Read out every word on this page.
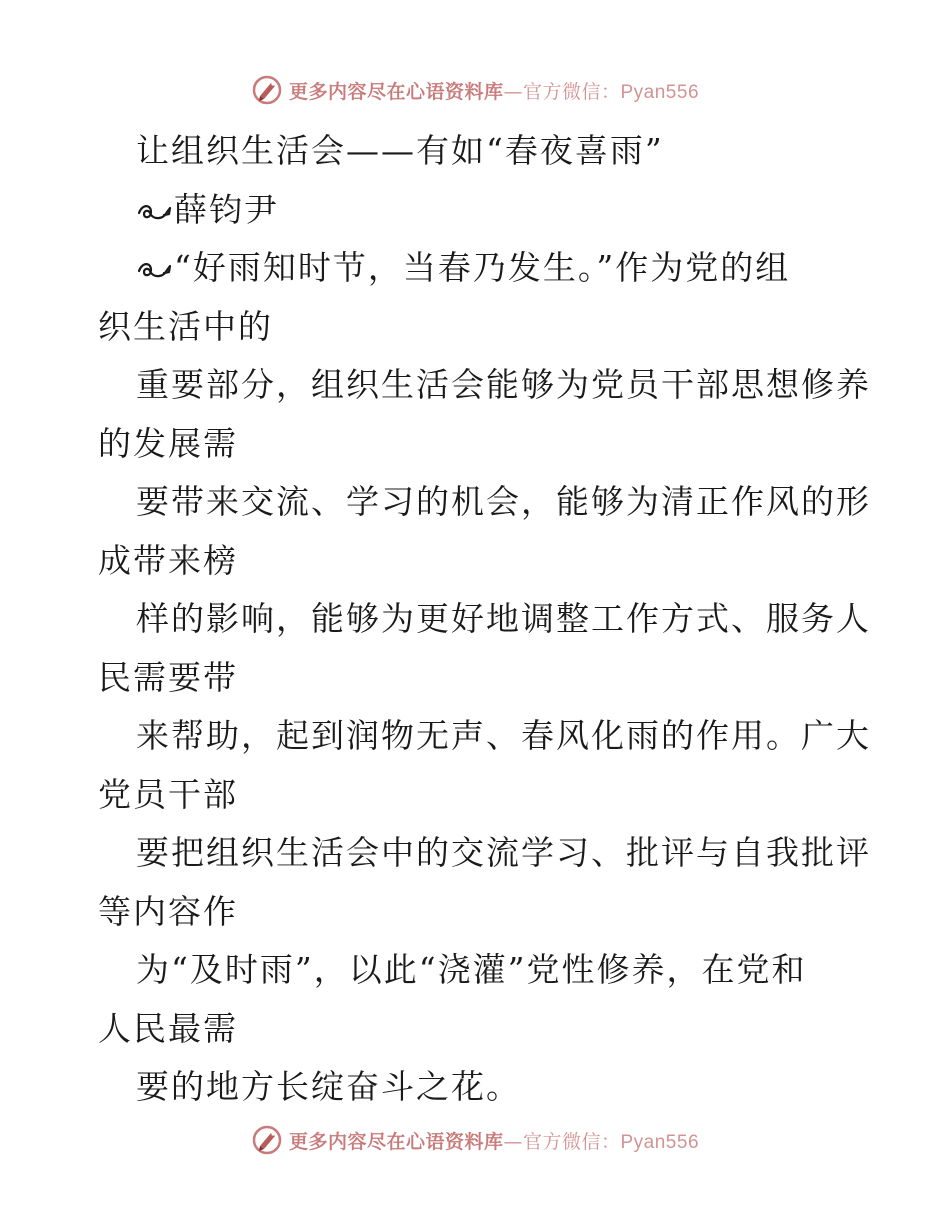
更多内容尽在心语资料库—官方微信：Pyan556
让组织生活会——有如“春夜喜雨”
薛钧尹
“好雨知时节，当春乃发生。”作为党的组
织生活中的
重要部分，组织生活会能够为党员干部思想修养
的发展需
要带来交流、学习的机会，能够为清正作风的形
成带来榜
样的影响，能够为更好地调整工作方式、服务人
民需要带
来帮助，起到润物无声、春风化雨的作用。广大
党员干部
要把组织生活会中的交流学习、批评与自我批评
等内容作
为“及时雨”，以此“浇灌”党性修养，在党和
人民最需
要的地方长绽奋斗之花。
更多内容尽在心语资料库—官方微信：Pyan556
